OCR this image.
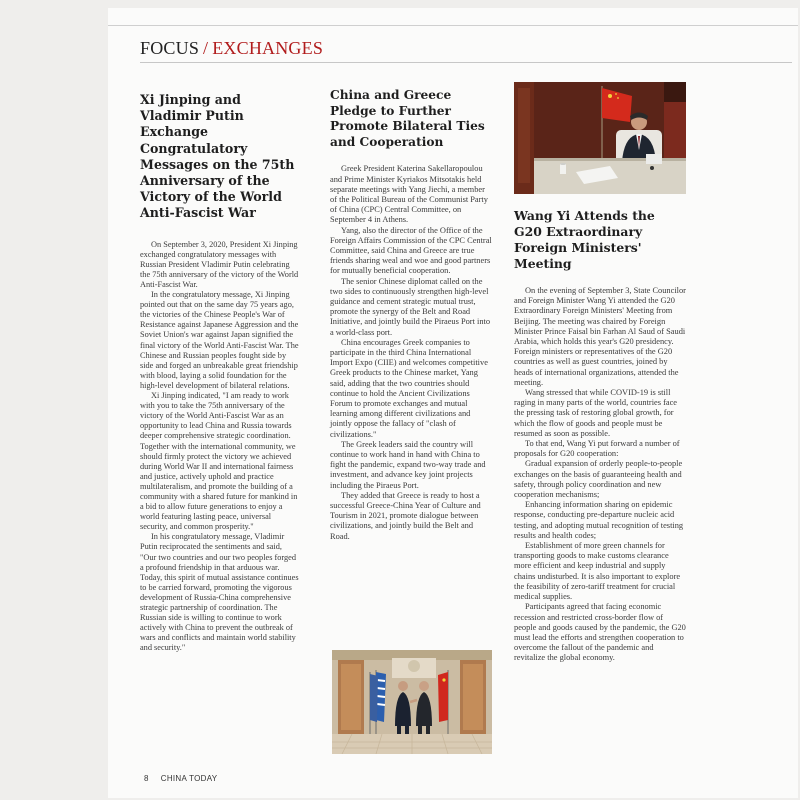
FOCUS / EXCHANGES
Xi Jinping and Vladimir Putin Exchange Congratulatory Messages on the 75th Anniversary of the Victory of the World Anti-Fascist War

On September 3, 2020, President Xi Jinping exchanged congratulatory messages with Russian President Vladimir Putin celebrating the 75th anniversary of the victory of the World Anti-Fascist War.

In the congratulatory message, Xi Jinping pointed out that on the same day 75 years ago, the victories of the Chinese People's War of Resistance against Japanese Aggression and the Soviet Union's war against Japan signified the final victory of the World Anti-Fascist War. The Chinese and Russian peoples fought side by side and forged an unbreakable great friendship with blood, laying a solid foundation for the high-level development of bilateral relations.

Xi Jinping indicated, "I am ready to work with you to take the 75th anniversary of the victory of the World Anti-Fascist War as an opportunity to lead China and Russia towards deeper comprehensive strategic coordination. Together with the international community, we should firmly protect the victory we achieved during World War II and international fairness and justice, actively uphold and practice multilateralism, and promote the building of a community with a shared future for mankind in a bid to allow future generations to enjoy a world featuring lasting peace, universal security, and common prosperity."

In his congratulatory message, Vladimir Putin reciprocated the sentiments and said, "Our two countries and our two peoples forged a profound friendship in that arduous war. Today, this spirit of mutual assistance continues to be carried forward, promoting the vigorous development of Russia-China comprehensive strategic partnership of coordination. The Russian side is willing to continue to work actively with China to prevent the outbreak of wars and conflicts and maintain world stability and security."

China and Greece Pledge to Further Promote Bilateral Ties and Cooperation

Greek President Katerina Sakellaropoulou and Prime Minister Kyriakos Mitsotakis held separate meetings with Yang Jiechi, a member of the Political Bureau of the Communist Party of China (CPC) Central Committee, on September 4 in Athens.

Yang, also the director of the Office of the Foreign Affairs Commission of the CPC Central Committee, said China and Greece are true friends sharing weal and woe and good partners for mutually beneficial cooperation.

The senior Chinese diplomat called on the two sides to continuously strengthen high-level guidance and cement strategic mutual trust, promote the synergy of the Belt and Road Initiative, and jointly build the Piraeus Port into a world-class port.

China encourages Greek companies to participate in the third China International Import Expo (CIIE) and welcomes competitive Greek products to the Chinese market, Yang said, adding that the two countries should continue to hold the Ancient Civilizations Forum to promote exchanges and mutual learning among different civilizations and jointly oppose the fallacy of "clash of civilizations."

The Greek leaders said the country will continue to work hand in hand with China to fight the pandemic, expand two-way trade and investment, and advance key joint projects including the Piraeus Port.

They added that Greece is ready to host a successful Greece-China Year of Culture and Tourism in 2021, promote dialogue between civilizations, and jointly build the Belt and Road.

Wang Yi Attends the G20 Extraordinary Foreign Ministers' Meeting

On the evening of September 3, State Councilor and Foreign Minister Wang Yi attended the G20 Extraordinary Foreign Ministers' Meeting from Beijing. The meeting was chaired by Foreign Minister Prince Faisal bin Farhan Al Saud of Saudi Arabia, which holds this year's G20 presidency. Foreign ministers or representatives of the G20 countries as well as guest countries, joined by heads of international organizations, attended the meeting.

Wang stressed that while COVID-19 is still raging in many parts of the world, countries face the pressing task of restoring global growth, for which the flow of goods and people must be resumed as soon as possible.

To that end, Wang Yi put forward a number of proposals for G20 cooperation:

Gradual expansion of orderly people-to-people exchanges on the basis of guaranteeing health and safety, through policy coordination and new cooperation mechanisms;

Enhancing information sharing on epidemic response, conducting pre-departure nucleic acid testing, and adopting mutual recognition of testing results and health codes;

Establishment of more green channels for transporting goods to make customs clearance more efficient and keep industrial and supply chains undisturbed. It is also important to explore the feasibility of zero-tariff treatment for crucial medical supplies.

Participants agreed that facing economic recession and restricted cross-border flow of people and goods caused by the pandemic, the G20 must lead the efforts and strengthen cooperation to overcome the fallout of the pandemic and revitalize the global economy.

8 CHINA TODAY
